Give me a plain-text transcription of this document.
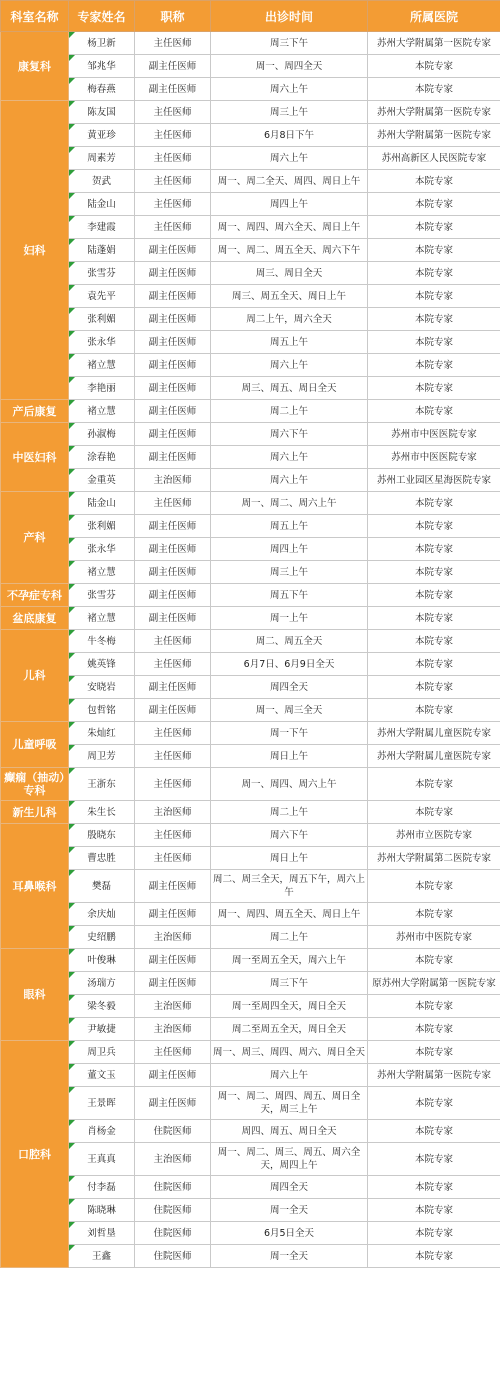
科室名称	专家姓名	职称	出诊时间	所属医院
康复科	杨卫新	主任医师	周三下午	苏州大学附属第一医院专家

邹兆华	副主任医师	周一、周四全天	本院专家

梅春燕	副主任医师	周六上午	本院专家
妇科	陈友国	主任医师	周三上午	苏州大学附属第一医院专家

黄亚珍	主任医师	6月8日下午	苏州大学附属第一医院专家

周素芳	主任医师	周六上午	苏州高新区人民医院专家

贺武	主任医师	周一、周二全天、周四、周日上午	本院专家

陆金山	主任医师	周四上午	本院专家

李建霞	主任医师	周一、周四、周六全天、周日上午	本院专家

陆蓬娟	副主任医师	周一、周二、周五全天、周六下午	本院专家

张雪芬	副主任医师	周三、周日全天	本院专家

袁先平	副主任医师	周三、周五全天、周日上午	本院专家

张利媚	副主任医师	周二上午，周六全天	本院专家

张永华	副主任医师	周五上午	本院专家

褚立慧	副主任医师	周六上午	本院专家

李艳丽	副主任医师	周三、周五、周日全天	本院专家
产后康复	褚立慧	副主任医师	周二上午	本院专家
中医妇科	孙淑梅	副主任医师	周六下午	苏州市中医医院专家

涂春艳	副主任医师	周六上午	苏州市中医医院专家

金重英	主治医师	周六上午	苏州工业园区星海医院专家
产科	陆金山	主任医师	周一、周二、周六上午	本院专家

张利媚	副主任医师	周五上午	本院专家

张永华	副主任医师	周四上午	本院专家

褚立慧	副主任医师	周三上午	本院专家
不孕症专科	张雪芬	副主任医师	周五下午	本院专家
盆底康复	褚立慧	副主任医师	周一上午	本院专家
儿科	牛冬梅	主任医师	周二、周五全天	本院专家

姚英锋	主任医师	6月7日、6月9日全天	本院专家

安晓岩	副主任医师	周四全天	本院专家

包哲铭	副主任医师	周一、周三全天	本院专家
儿童呼吸	朱灿红	主任医师	周一下午	苏州大学附属儿童医院专家

周卫芳	主任医师	周日上午	苏州大学附属儿童医院专家
癫痫（抽动）专科	王浙东	主任医师	周一、周四、周六上午	本院专家
新生儿科	朱生长	主治医师	周二上午	本院专家
耳鼻喉科	殷晓东	主任医师	周六下午	苏州市立医院专家

曹忠胜	主任医师	周日上午	苏州大学附属第二医院专家

樊磊	副主任医师	周二、周三全天，周五下午，周六上午	本院专家

余庆灿	副主任医师	周一、周四、周五全天、周日上午	本院专家

史绍鹏	主治医师	周二上午	苏州市中医院专家
眼科	叶俊琳	副主任医师	周一至周五全天，周六上午	本院专家

汤瑞方	副主任医师	周三下午	原苏州大学附属第一医院专家

梁冬毅	主治医师	周一至周四全天，周日全天	本院专家

尹敏捷	主治医师	周二至周五全天，周日全天	本院专家
口腔科	周卫兵	主任医师	周一、周三、周四、周六、周日全天	本院专家

董文玉	副主任医师	周六上午	苏州大学附属第一医院专家

王景晖	副主任医师	周一、周二、周四、周五、周日全天，周三上午	本院专家

肖杨金	住院医师	周四、周五、周日全天	本院专家

王真真	主治医师	周一、周二、周三、周五、周六全天，周四上午	本院专家

付李磊	住院医师	周四全天	本院专家

陈晓琳	住院医师	周一全天	本院专家

刘哲垦	住院医师	6月5日全天	本院专家

王鑫	住院医师	周一全天	本院专家
